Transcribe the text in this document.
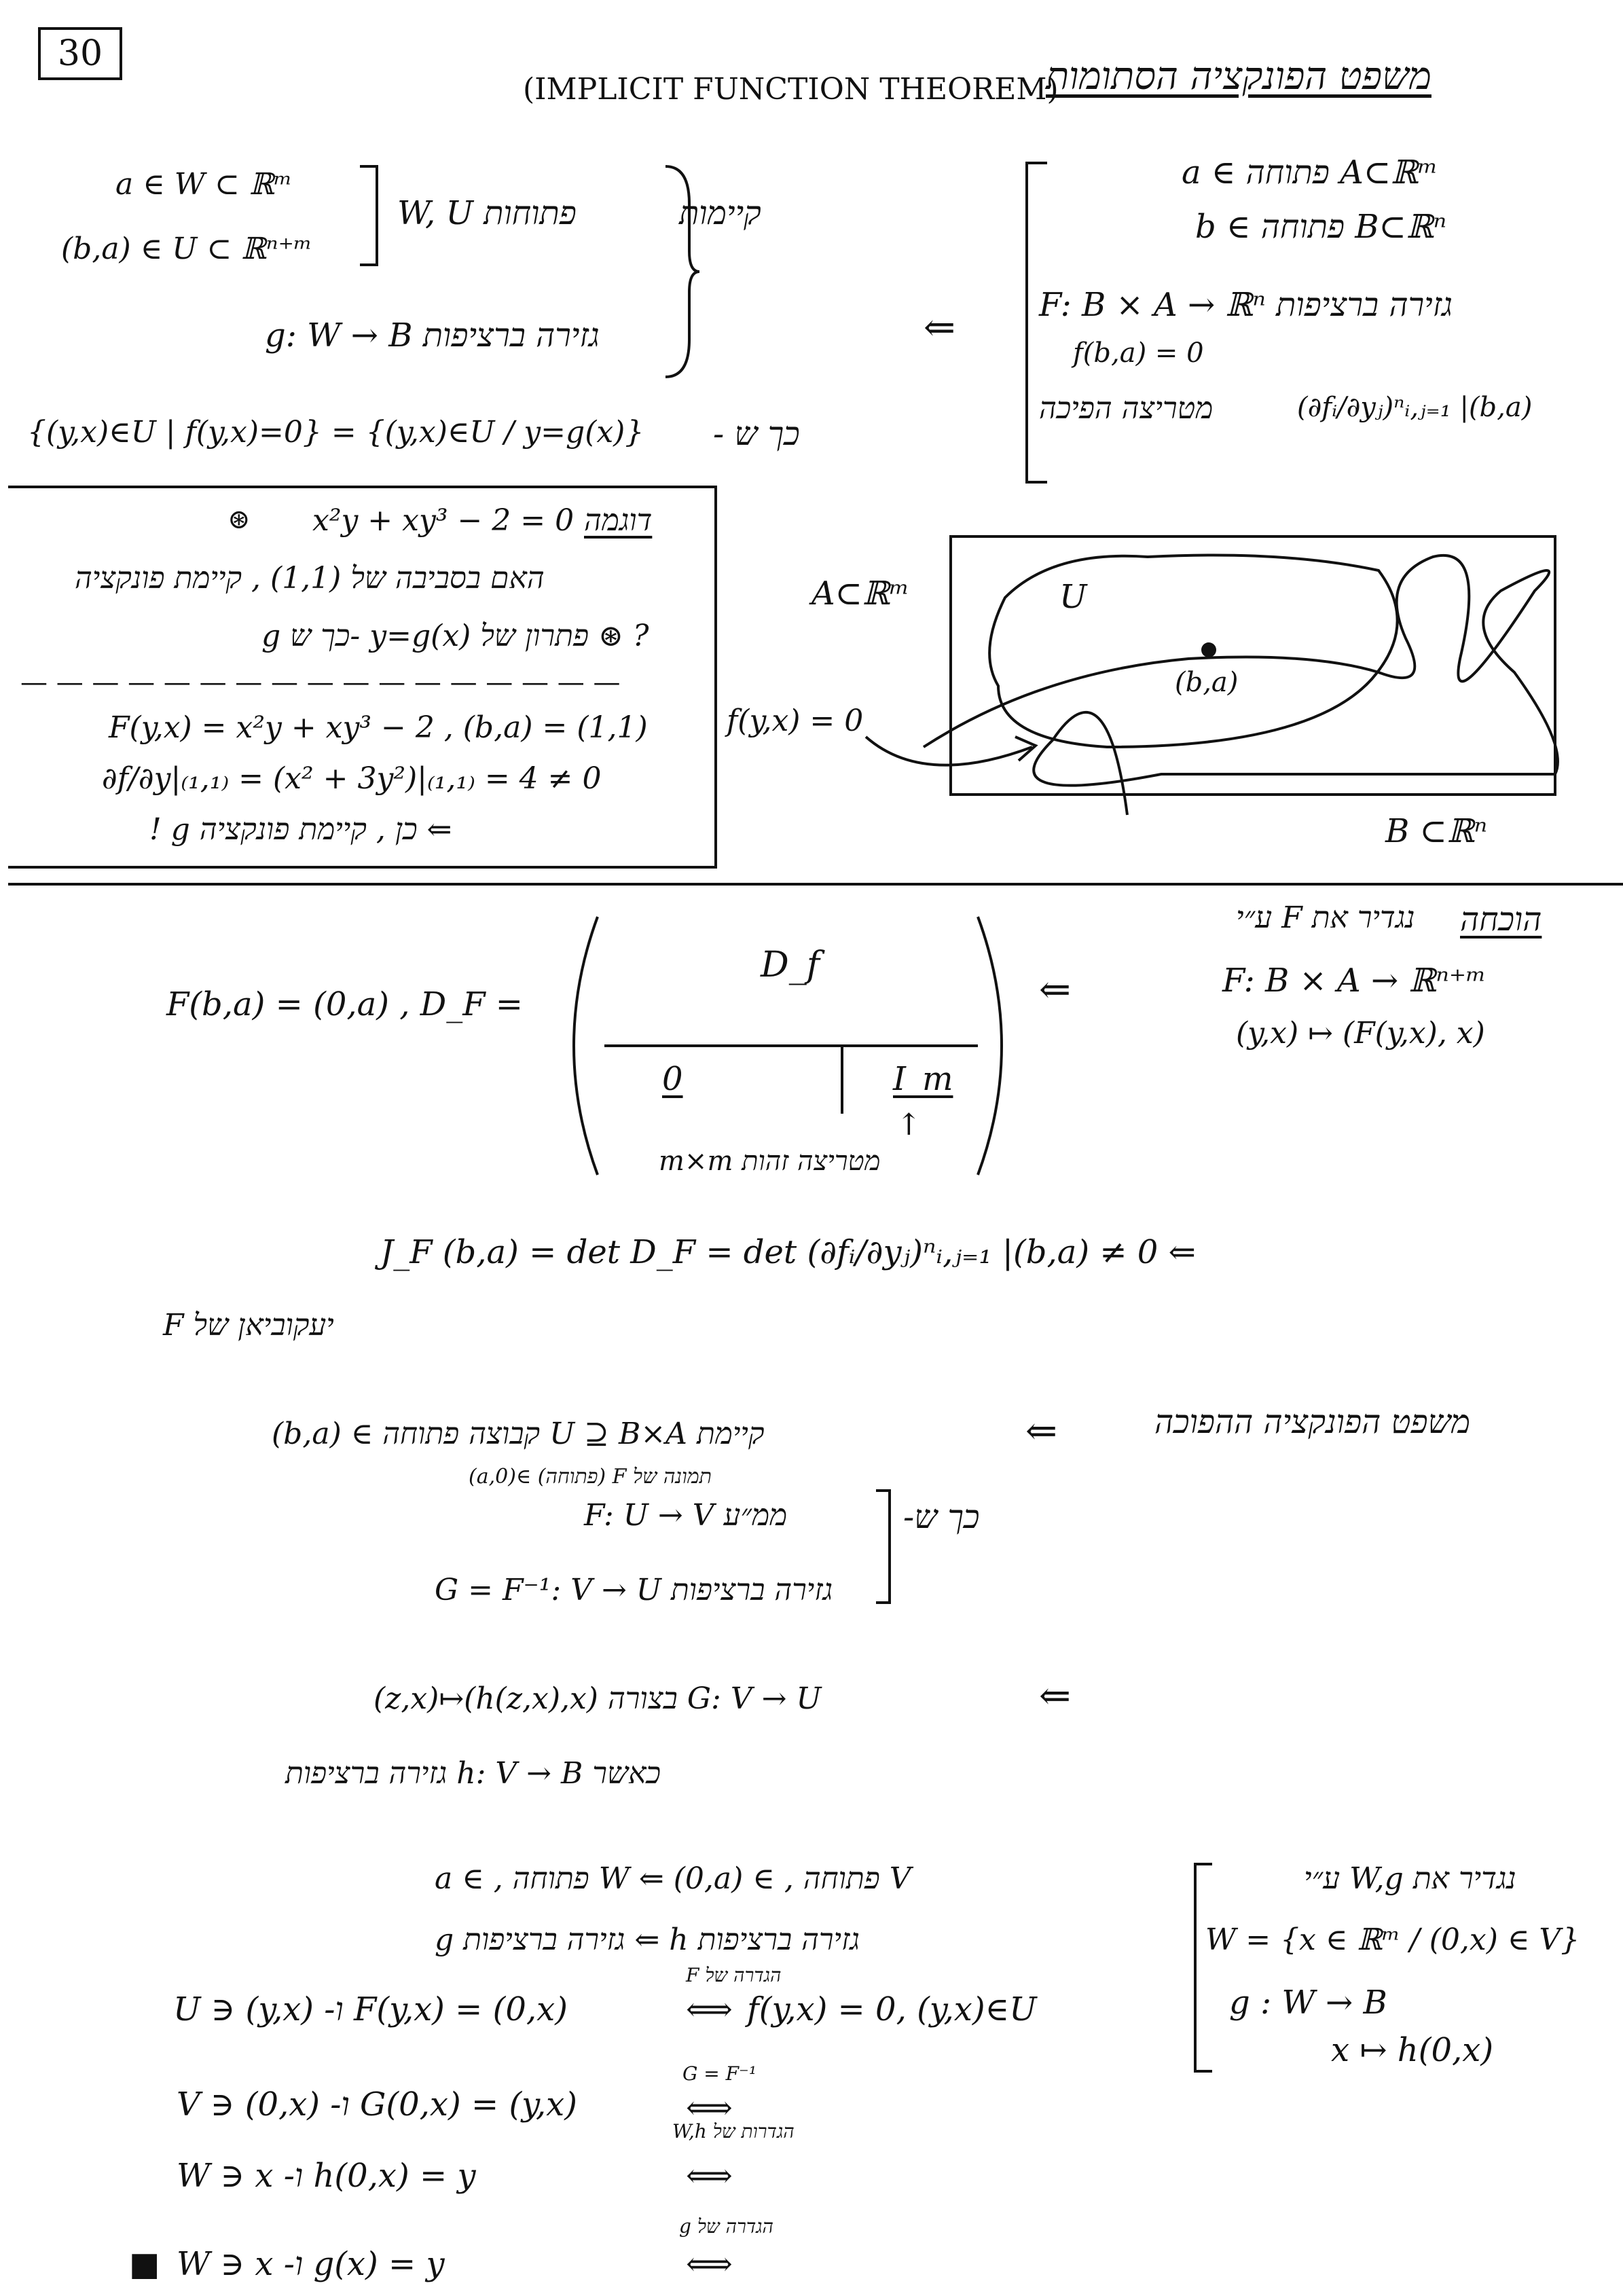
30
משפט הפונקציה הסתומות
(IMPLICIT FUNCTION THEOREM)
a ∈ פתוחה A⊂ℝᵐ
b ∈ פתוחה B⊂ℝⁿ
גזירה ברציפות F: B × A → ℝⁿ
f(b,a) = 0
מטריצה הפיכה	(∂fᵢ/∂yⱼ)ⁿᵢ,ⱼ₌₁ |(b,a)
⇐
a ∈ W ⊂ ℝᵐ
(b,a) ∈ U ⊂ ℝⁿ⁺ᵐ
פתוחות W, U	קיימות
גזירה ברציפות g: W → B
{(y,x)∈U | f(y,x)=0} = {(y,x)∈U / y=g(x)} כך ש -
דוגמה
x²y + xy³ − 2 = 0
⊛
האם בסביבה של (1,1) , קיימת פונקציה
g כך ש- y=g(x) פתרון של ⊛ ?
— — — — — — — — — — — — — — — — —
F(y,x) = x²y + xy³ − 2 , (b,a) = (1,1)
∂f/∂y|₍₁,₁₎ = (x² + 3y²)|₍₁,₁₎ = 4 ≠ 0
⇐ כן , קיימת פונקציה g !
A⊂ℝᵐ
f(y,x) = 0
U
(b,a)
B ⊂ℝⁿ
הוכחה
נגדיר את F ע״י
F: B × A → ℝⁿ⁺ᵐ
(y,x) ↦ (F(y,x), x)
⇐
F(b,a) = (0,a) , D_F =
D_f
0	I_m
↑
מטריצה זהות m×m
J_F (b,a) = det D_F = det (∂fᵢ/∂yⱼ)ⁿᵢ,ⱼ₌₁ |(b,a) ≠ 0 ⇐
יעקוביאן של F
משפט הפונקציה ההפוכה
⇐
קיימת U ⊇ B×A קבוצה פתוחה ∋ (b,a)
תמונה של F (פתוחה) ∋(0,a)
כך ש-
F: U → V ממ״ע
G = F⁻¹: V → U גזירה ברציפות
(z,x)↦(h(z,x),x) בצורה G: V → U	⇐
כאשר h: V → B גזירה ברציפות
נגדיר את W,g ע״י
W = {x ∈ ℝᵐ / (0,x) ∈ V}
g : W → B
x ↦ h(0,x)
a ∈ , פתוחה W ⇐ (0,a) ∈ , פתוחה V
g גזירה ברציפות ⇐ h גזירה ברציפות
U ∋ (y,x) -ו F(y,x) = (0,x)
הגדרה של F
⟺ f(y,x) = 0, (y,x)∈U
V ∋ (0,x) -ו G(0,x) = (y,x)
G = F⁻¹
⟺
הגדרות של W,h
W ∋ x -ו h(0,x) = y	⟺
הגדרה של g
W ∋ x -ו g(x) = y	⟺
■
